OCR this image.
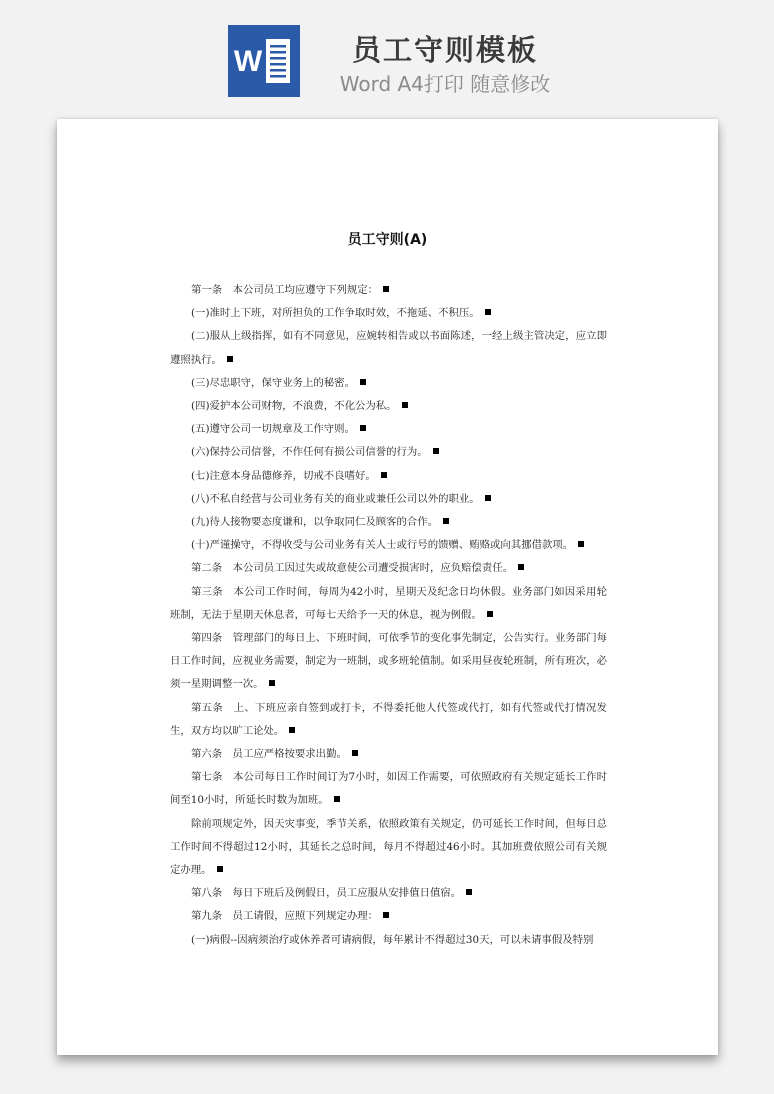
W	员工守则模板
Word A4打印 随意修改

员工守则(A)

第一条　本公司员工均应遵守下列规定：

(一)准时上下班，对所担负的工作争取时效，不拖延、不积压。

(二)服从上级指挥，如有不同意见，应婉转相告或以书面陈述，一经上级主管决定，应立即遵照执行。

(三)尽忠职守，保守业务上的秘密。

(四)爱护本公司财物，不浪费，不化公为私。

(五)遵守公司一切规章及工作守则。

(六)保持公司信誉，不作任何有损公司信誉的行为。

(七)注意本身品德修养，切戒不良嗜好。

(八)不私自经营与公司业务有关的商业或兼任公司以外的职业。

(九)待人接物要态度谦和，以争取同仁及顾客的合作。

(十)严谨操守，不得收受与公司业务有关人士或行号的馈赠、贿赂或向其挪借款项。

第二条　本公司员工因过失或故意使公司遭受损害时，应负赔偿责任。

第三条　本公司工作时间，每周为42小时，星期天及纪念日均休假。业务部门如因采用轮班制，无法于星期天休息者，可每七天给予一天的休息，视为例假。

第四条　管理部门的每日上、下班时间，可依季节的变化事先制定，公告实行。业务部门每日工作时间，应视业务需要，制定为一班制，或多班轮值制。如采用昼夜轮班制，所有班次，必须一星期调整一次。

第五条　上、下班应亲自签到或打卡，不得委托他人代签或代打，如有代签或代打情况发生，双方均以旷工论处。

第六条　员工应严格按要求出勤。

第七条　本公司每日工作时间订为7小时，如因工作需要，可依照政府有关规定延长工作时间至10小时，所延长时数为加班。

除前项规定外，因天灾事变，季节关系，依照政策有关规定，仍可延长工作时间，但每日总工作时间不得超过12小时，其延长之总时间，每月不得超过46小时。其加班费依照公司有关规定办理。

第八条　每日下班后及例假日，员工应服从安排值日值宿。

第九条　员工请假，应照下列规定办理：

(一)病假--因病须治疗或休养者可请病假，每年累计不得超过30天，可以未请事假及特别
